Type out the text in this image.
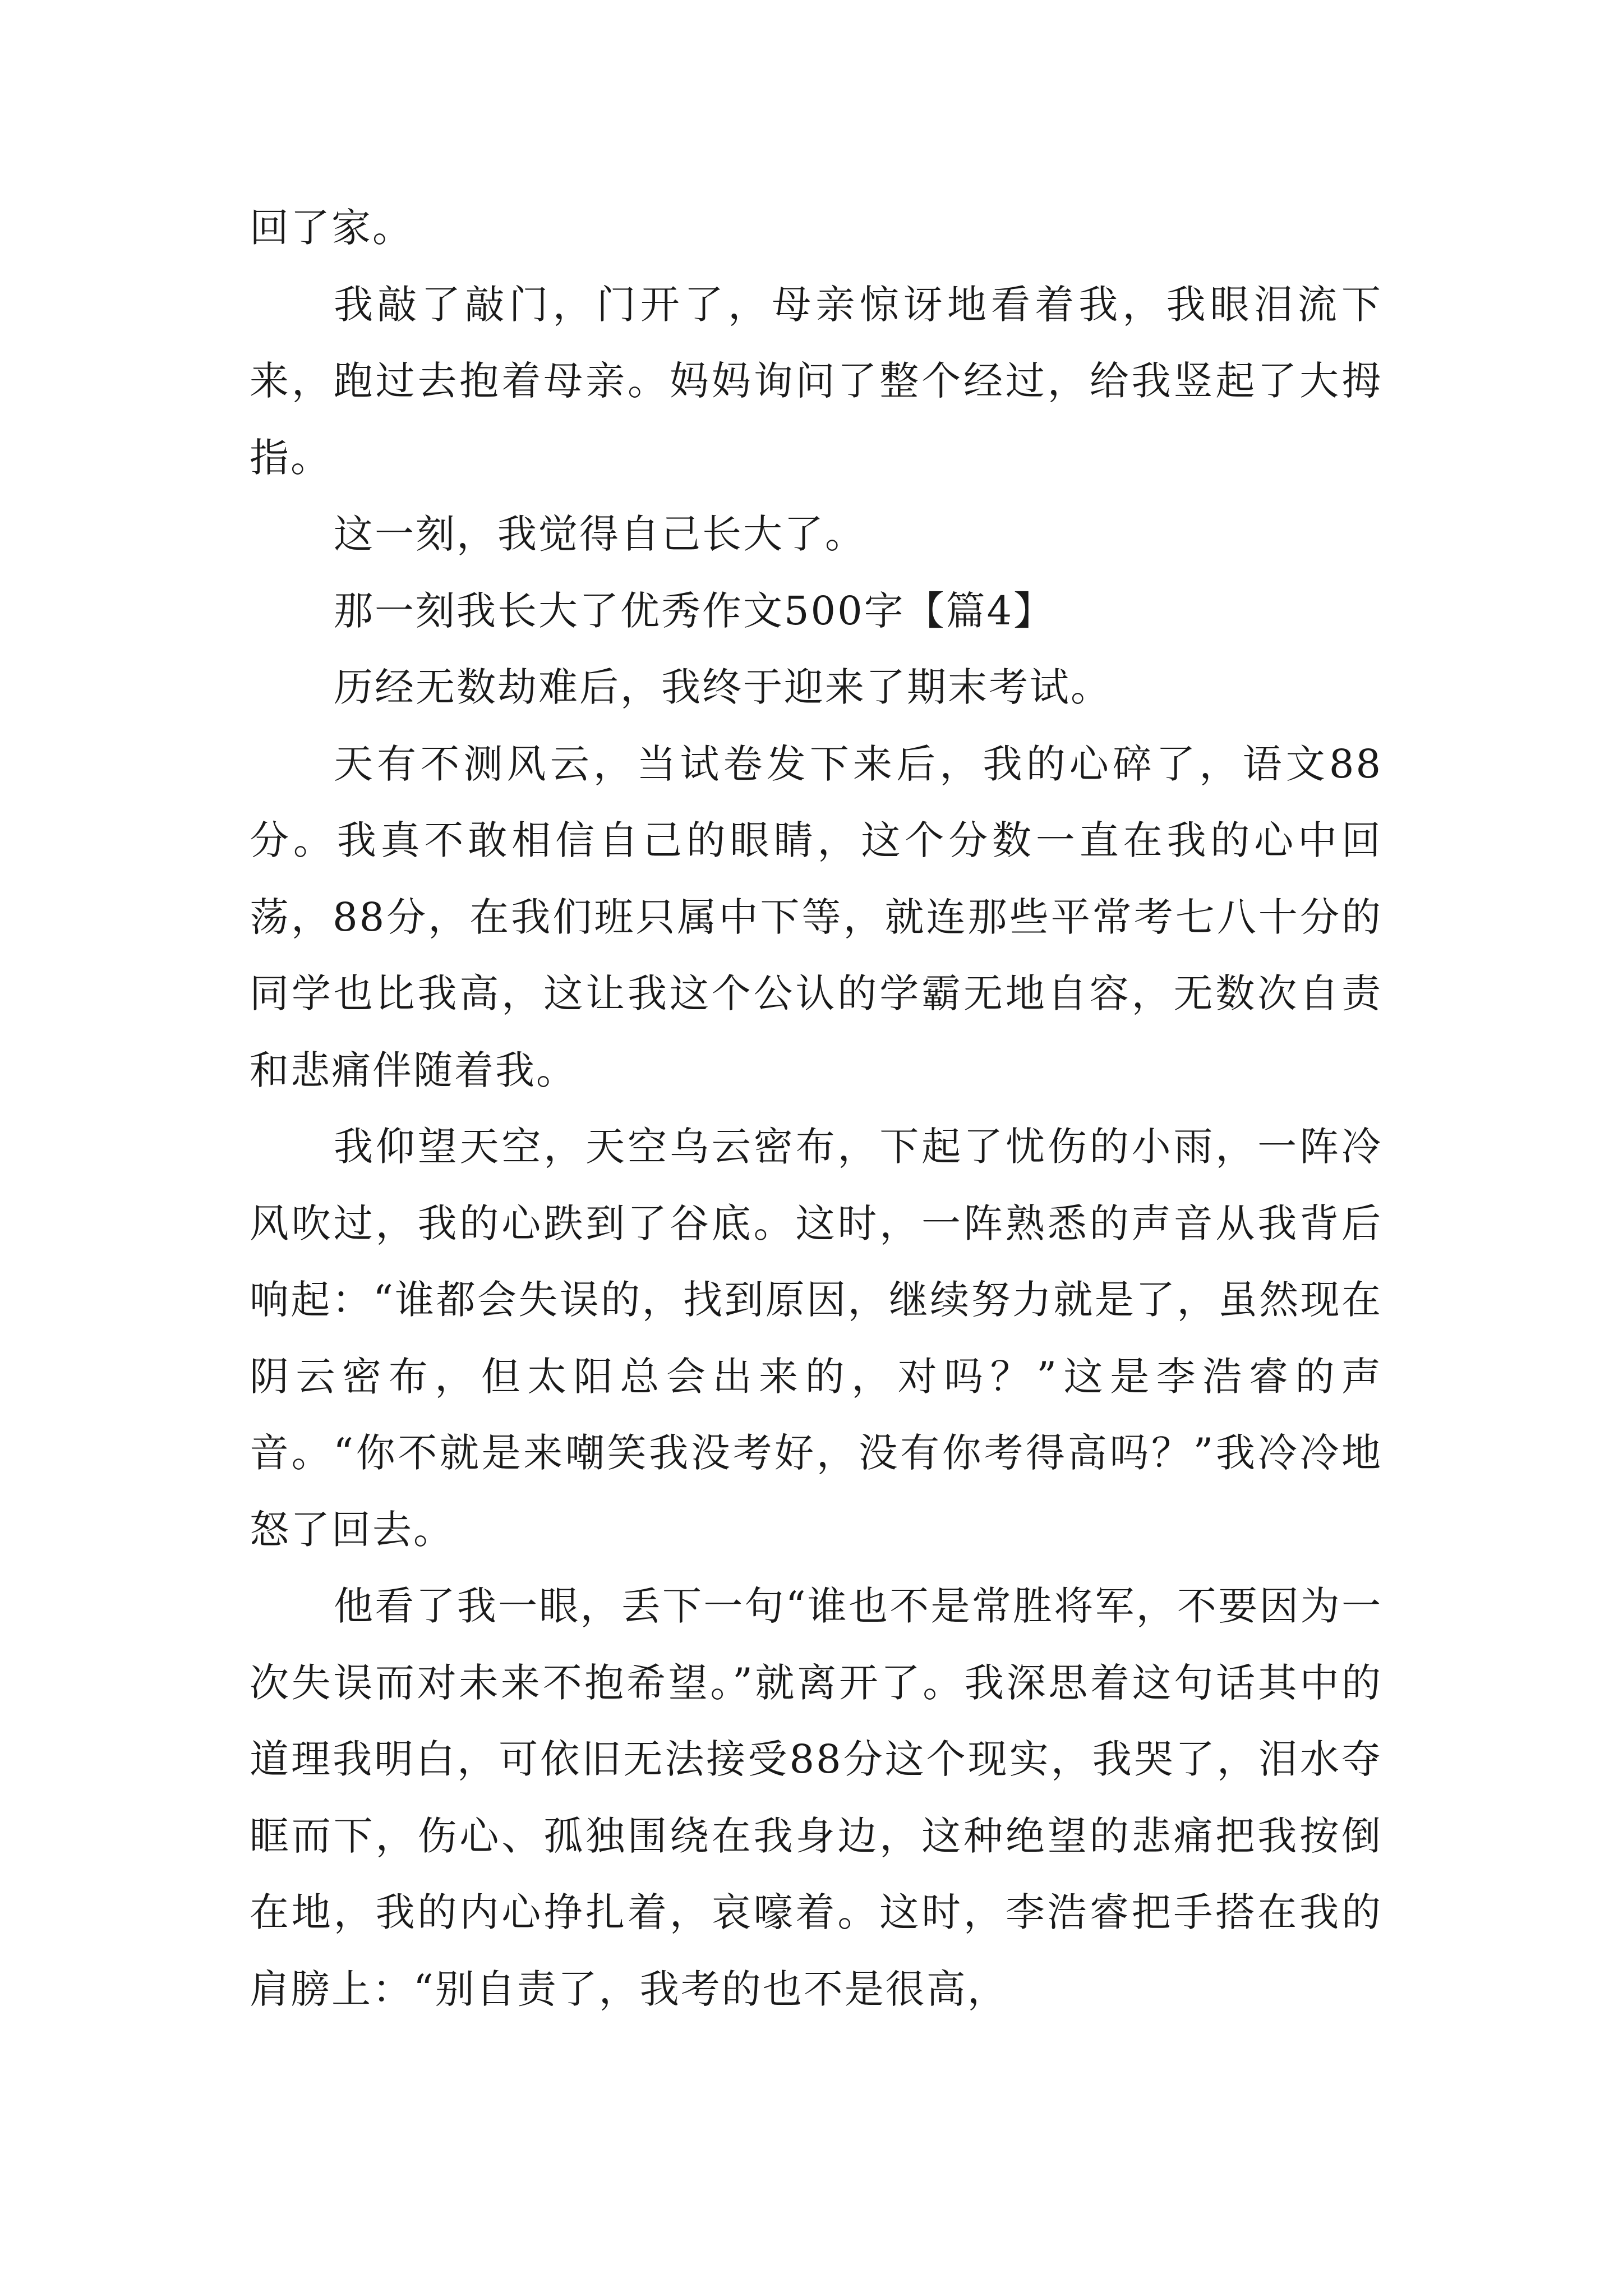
回了家。

我敲了敲门，门开了，母亲惊讶地看着我，我眼泪流下来，跑过去抱着母亲。妈妈询问了整个经过，给我竖起了大拇指。

这一刻，我觉得自己长大了。

那一刻我长大了优秀作文500字【篇4】

历经无数劫难后，我终于迎来了期末考试。

天有不测风云，当试卷发下来后，我的心碎了，语文88分。我真不敢相信自己的眼睛，这个分数一直在我的心中回荡，88分，在我们班只属中下等，就连那些平常考七八十分的同学也比我高，这让我这个公认的学霸无地自容，无数次自责和悲痛伴随着我。

我仰望天空，天空乌云密布，下起了忧伤的小雨，一阵冷风吹过，我的心跌到了谷底。这时，一阵熟悉的声音从我背后响起：“谁都会失误的，找到原因，继续努力就是了，虽然现在阴云密布，但太阳总会出来的，对吗？”这是李浩睿的声音。“你不就是来嘲笑我没考好，没有你考得高吗？”我冷冷地怒了回去。

他看了我一眼，丢下一句“谁也不是常胜将军，不要因为一次失误而对未来不抱希望。”就离开了。我深思着这句话其中的道理我明白，可依旧无法接受88分这个现实，我哭了，泪水夺眶而下，伤心、孤独围绕在我身边，这种绝望的悲痛把我按倒在地，我的内心挣扎着，哀嚎着。这时，李浩睿把手搭在我的肩膀上：“别自责了，我考的也不是很高，
